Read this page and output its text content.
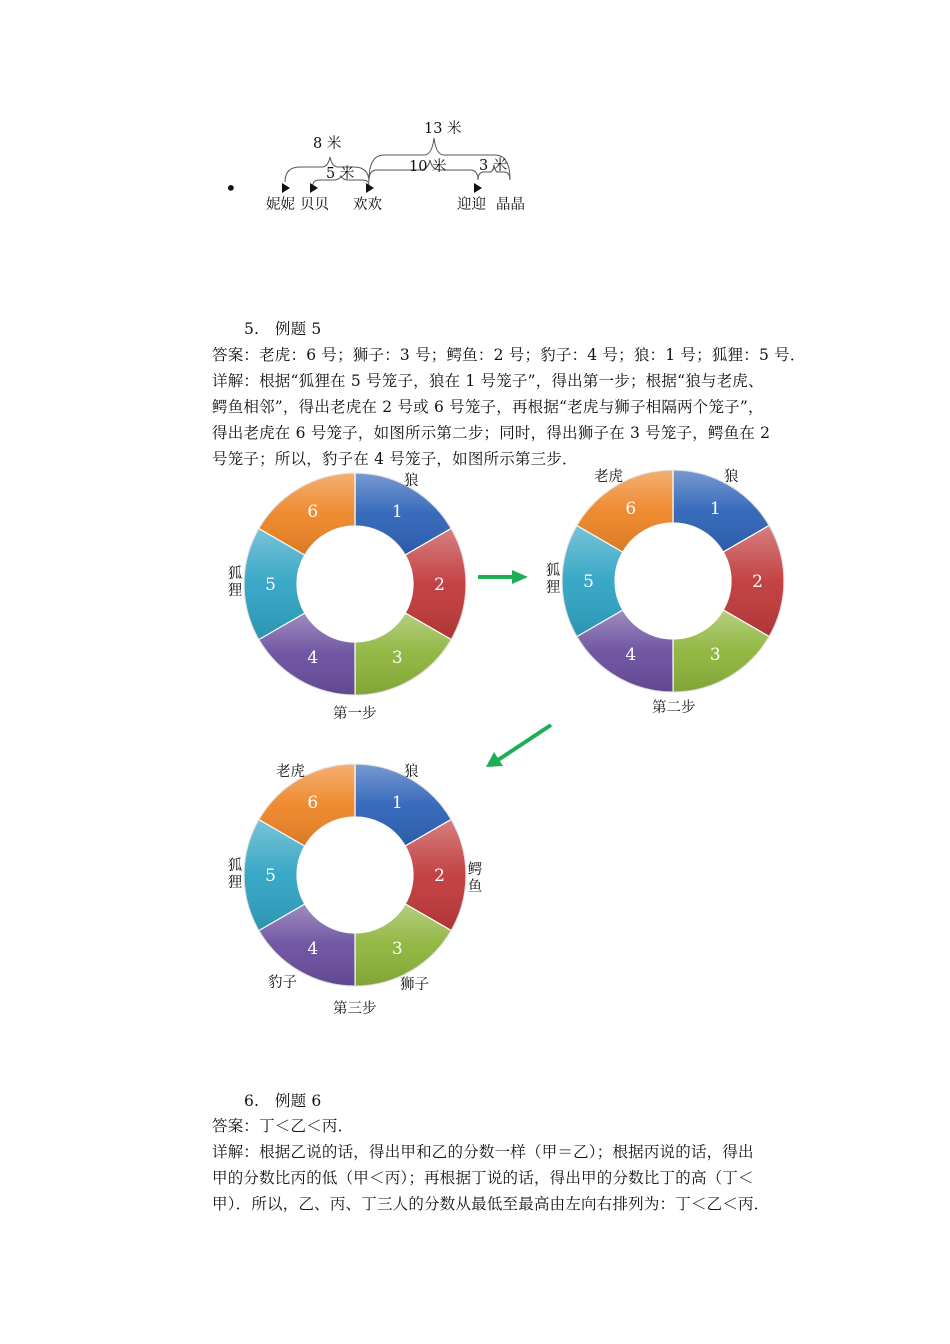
•
13 米
8 米
5 米	10 米 3 米
妮妮 贝贝 欢欢	迎迎 晶晶
5.　例题 5
答案：老虎：6 号；狮子：3 号；鳄鱼：2 号；豹子：4 号；狼：1 号；狐狸：5 号．
详解：根据“狐狸在 5 号笼子，狼在 1 号笼子”，得出第一步；根据“狼与老虎、
鳄鱼相邻”，得出老虎在 2 号或 6 号笼子，再根据“老虎与狮子相隔两个笼子”，
得出老虎在 6 号笼子，如图所示第二步；同时，得出狮子在 3 号笼子，鳄鱼在 2
号笼子；所以，豹子在 4 号笼子，如图所示第三步．
1
2
3
4
5
6	1
2
3
4
5
6
1
2
3
4
5
6
狼
狐狸
第一步
老虎	狼
狐狸
第二步
老虎	狼
狐狸
鳄鱼
豹子	狮子
第三步
6.　例题 6
答案：丁＜乙＜丙．
详解：根据乙说的话，得出甲和乙的分数一样（甲＝乙）；根据丙说的话，得出
甲的分数比丙的低（甲＜丙）；再根据丁说的话，得出甲的分数比丁的高（丁＜
甲）．所以，乙、丙、丁三人的分数从最低至最高由左向右排列为：丁＜乙＜丙．
